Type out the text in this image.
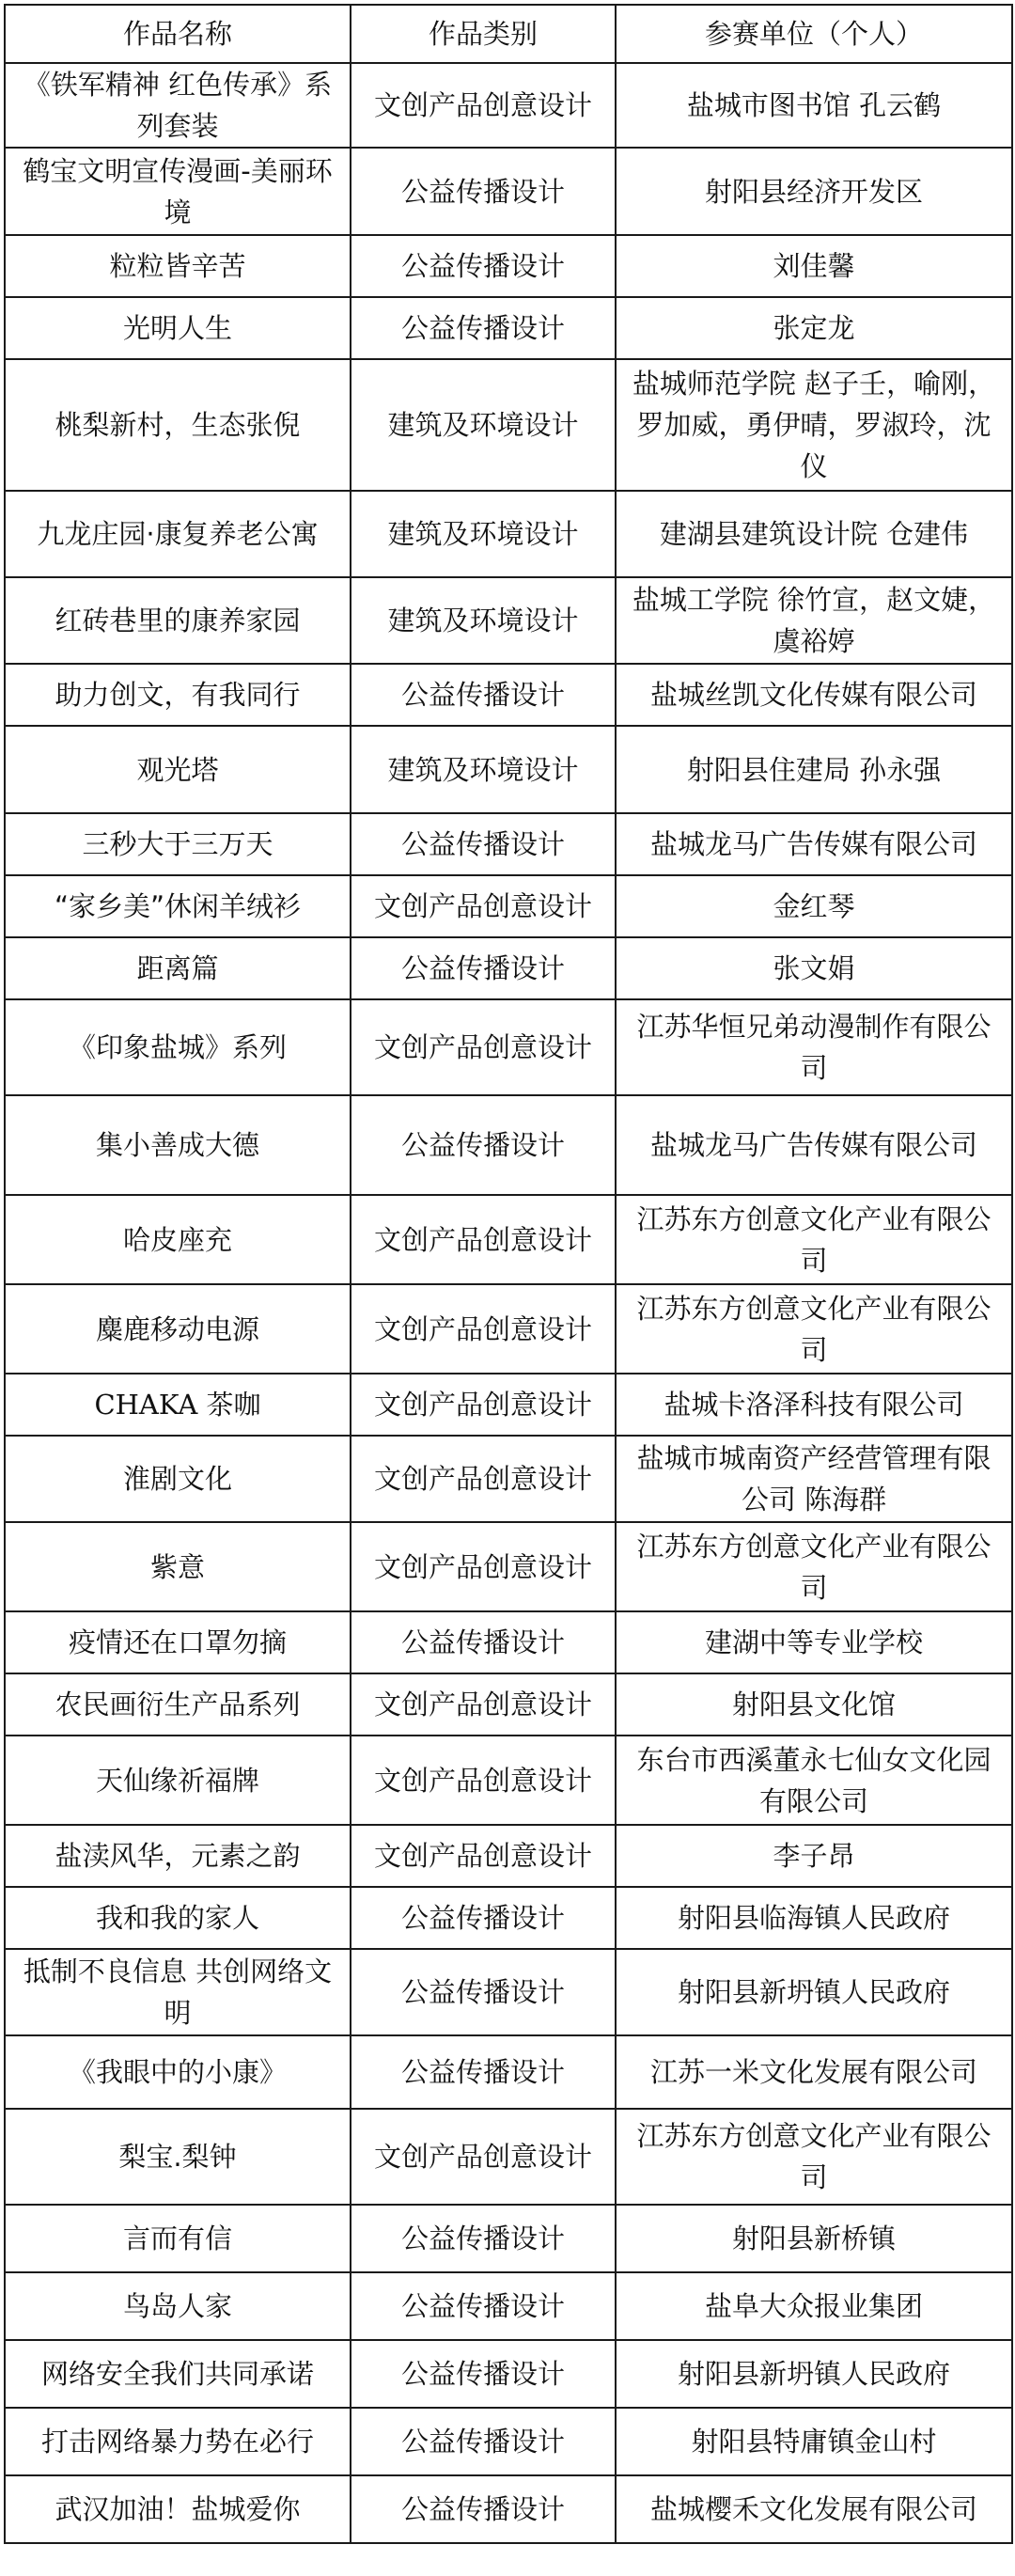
作品名称	作品类别	参赛单位（个人）
《铁军精神 红色传承》系列套装	文创产品创意设计	盐城市图书馆 孔云鹤
鹤宝文明宣传漫画-美丽环境	公益传播设计	射阳县经济开发区
粒粒皆辛苦	公益传播设计	刘佳馨
光明人生	公益传播设计	张定龙
桃梨新村，生态张倪	建筑及环境设计	盐城师范学院 赵子壬，喻刚，罗加威，勇伊晴，罗淑玲，沈仪
九龙庄园·康复养老公寓	建筑及环境设计	建湖县建筑设计院 仓建伟
红砖巷里的康养家园	建筑及环境设计	盐城工学院 徐竹宣，赵文婕，虞裕婷
助力创文，有我同行	公益传播设计	盐城丝凯文化传媒有限公司
观光塔	建筑及环境设计	射阳县住建局 孙永强
三秒大于三万天	公益传播设计	盐城龙马广告传媒有限公司
“家乡美”休闲羊绒衫	文创产品创意设计	金红琴
距离篇	公益传播设计	张文娟
《印象盐城》系列	文创产品创意设计	江苏华恒兄弟动漫制作有限公司
集小善成大德	公益传播设计	盐城龙马广告传媒有限公司
哈皮座充	文创产品创意设计	江苏东方创意文化产业有限公司
麋鹿移动电源	文创产品创意设计	江苏东方创意文化产业有限公司
CHAKA 茶咖	文创产品创意设计	盐城卡洛泽科技有限公司
淮剧文化	文创产品创意设计	盐城市城南资产经营管理有限公司 陈海群
紫意	文创产品创意设计	江苏东方创意文化产业有限公司
疫情还在口罩勿摘	公益传播设计	建湖中等专业学校
农民画衍生产品系列	文创产品创意设计	射阳县文化馆
天仙缘祈福牌	文创产品创意设计	东台市西溪董永七仙女文化园有限公司
盐渎风华，元素之韵	文创产品创意设计	李子昂
我和我的家人	公益传播设计	射阳县临海镇人民政府
抵制不良信息 共创网络文明	公益传播设计	射阳县新坍镇人民政府
《我眼中的小康》	公益传播设计	江苏一米文化发展有限公司
梨宝.梨钟	文创产品创意设计	江苏东方创意文化产业有限公司
言而有信	公益传播设计	射阳县新桥镇
鸟岛人家	公益传播设计	盐阜大众报业集团
网络安全我们共同承诺	公益传播设计	射阳县新坍镇人民政府
打击网络暴力势在必行	公益传播设计	射阳县特庸镇金山村
武汉加油！盐城爱你	公益传播设计	盐城樱禾文化发展有限公司
